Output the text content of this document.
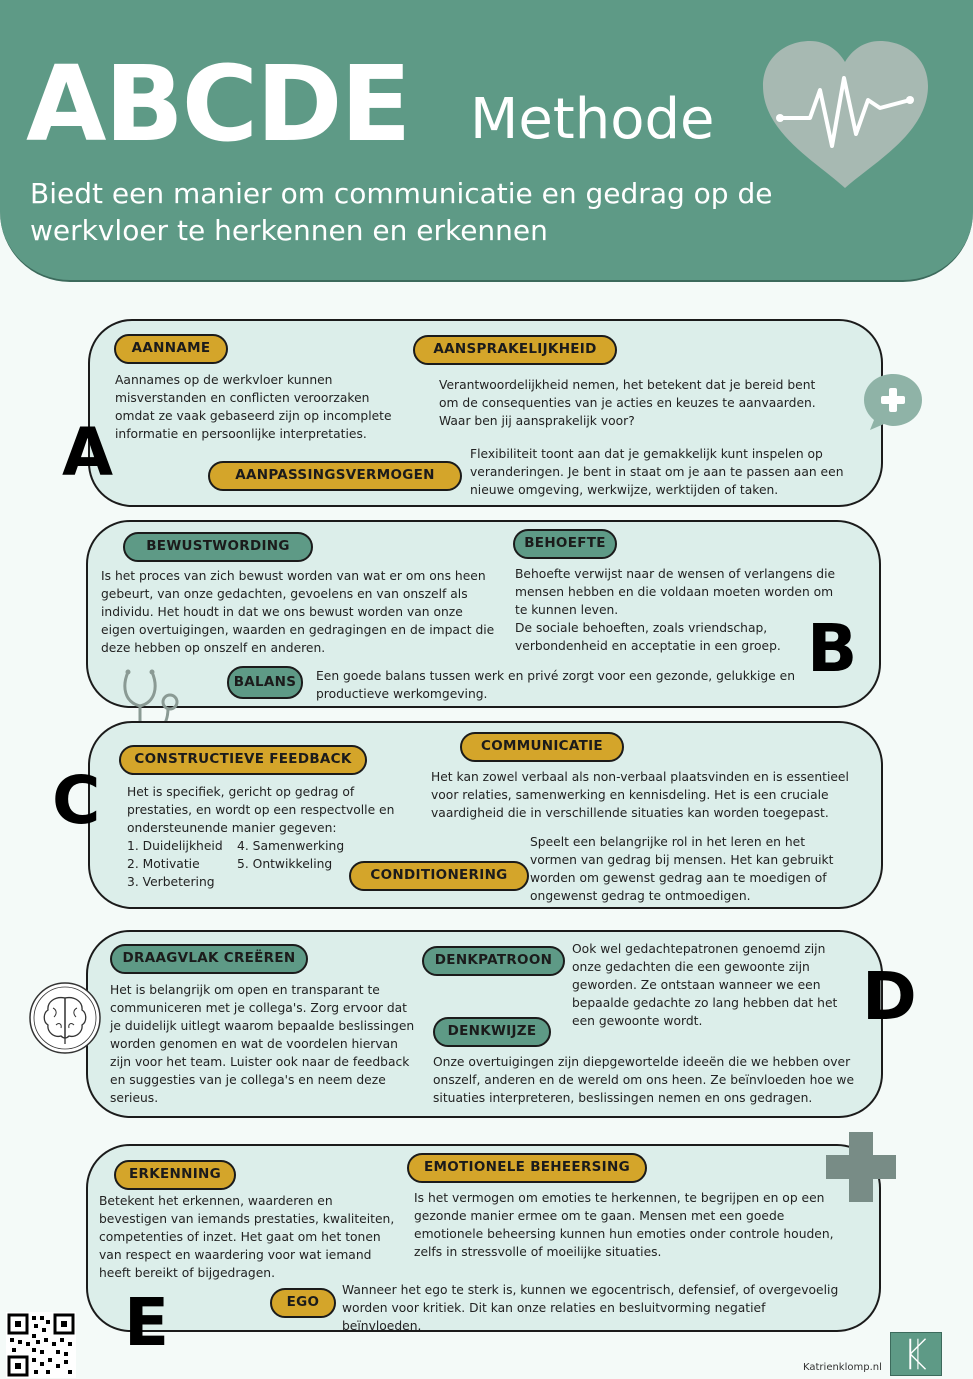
ABCDE Methode
Biedt een manier om communicatie en gedrag op de werkvloer te herkennen en erkennen
A
AANNAME
Aannames op de werkvloer kunnen misverstanden en conflicten veroorzaken omdat ze vaak gebaseerd zijn op incomplete informatie en persoonlijke interpretaties.
AANSPRAKELIJKHEID
Verantwoordelijkheid nemen, het betekent dat je bereid bent om de consequenties van je acties en keuzes te aanvaarden. Waar ben jij aansprakelijk voor?
AANPASSINGSVERMOGEN
Flexibiliteit toont aan dat je gemakkelijk kunt inspelen op veranderingen. Je bent in staat om je aan te passen aan een nieuwe omgeving, werkwijze, werktijden of taken.
BEWUSTWORDING
Is het proces van zich bewust worden van wat er om ons heen gebeurt, van onze gedachten, gevoelens en van onszelf als individu. Het houdt in dat we ons bewust worden van onze eigen overtuigingen, waarden en gedragingen en de impact die deze hebben op onszelf en anderen.
BEHOEFTE
Behoefte verwijst naar de wensen of verlangens die mensen hebben en die voldaan moeten worden om te kunnen leven.
De sociale behoeften, zoals vriendschap, verbondenheid en acceptatie in een groep. B
BALANS	Een goede balans tussen werk en privé zorgt voor een gezonde, gelukkige en productieve werkomgeving.
C
CONSTRUCTIEVE FEEDBACK
Het is specifiek, gericht op gedrag of prestaties, en wordt op een respectvolle en ondersteunende manier gegeven:
1. Duidelijkheid
2. Motivatie
3. Verbetering
4. Samenwerking
5. Ontwikkeling
COMMUNICATIE
Het kan zowel verbaal als non-verbaal plaatsvinden en is essentieel voor relaties, samenwerking en kennisdeling. Het is een cruciale vaardigheid die in verschillende situaties kan worden toegepast.
CONDITIONERING
Speelt een belangrijke rol in het leren en het vormen van gedrag bij mensen. Het kan gebruikt worden om gewenst gedrag aan te moedigen of ongewenst gedrag te ontmoedigen.
DRAAGVLAK CREËREN
Het is belangrijk om open en transparant te communiceren met je collega's. Zorg ervoor dat je duidelijk uitlegt waarom bepaalde beslissingen worden genomen en wat de voordelen hiervan zijn voor het team. Luister ook naar de feedback en suggesties van je collega's en neem deze serieus.
DENKPATROON
Ook wel gedachtepatronen genoemd zijn onze gedachten die een gewoonte zijn geworden. Ze ontstaan wanneer we een bepaalde gedachte zo lang hebben dat het een gewoonte wordt.	D
DENKWIJZE
Onze overtuigingen zijn diepgewortelde ideeën die we hebben over onszelf, anderen en de wereld om ons heen. Ze beïnvloeden hoe we situaties interpreteren, beslissingen nemen en ons gedragen.
ERKENNING
Betekent het erkennen, waarderen en bevestigen van iemands prestaties, kwaliteiten, competenties of inzet. Het gaat om het tonen van respect en waardering voor wat iemand heeft bereikt of bijgedragen.
EMOTIONELE BEHEERSING
Is het vermogen om emoties te herkennen, te begrijpen en op een gezonde manier ermee om te gaan. Mensen met een goede emotionele beheersing kunnen hun emoties onder controle houden, zelfs in stressvolle of moeilijke situaties.
EGO
Wanneer het ego te sterk is, kunnen we egocentrisch, defensief, of overgevoelig worden voor kritiek. Dit kan onze relaties en besluitvorming negatief beïnvloeden.
E
Katrienklomp.nl
